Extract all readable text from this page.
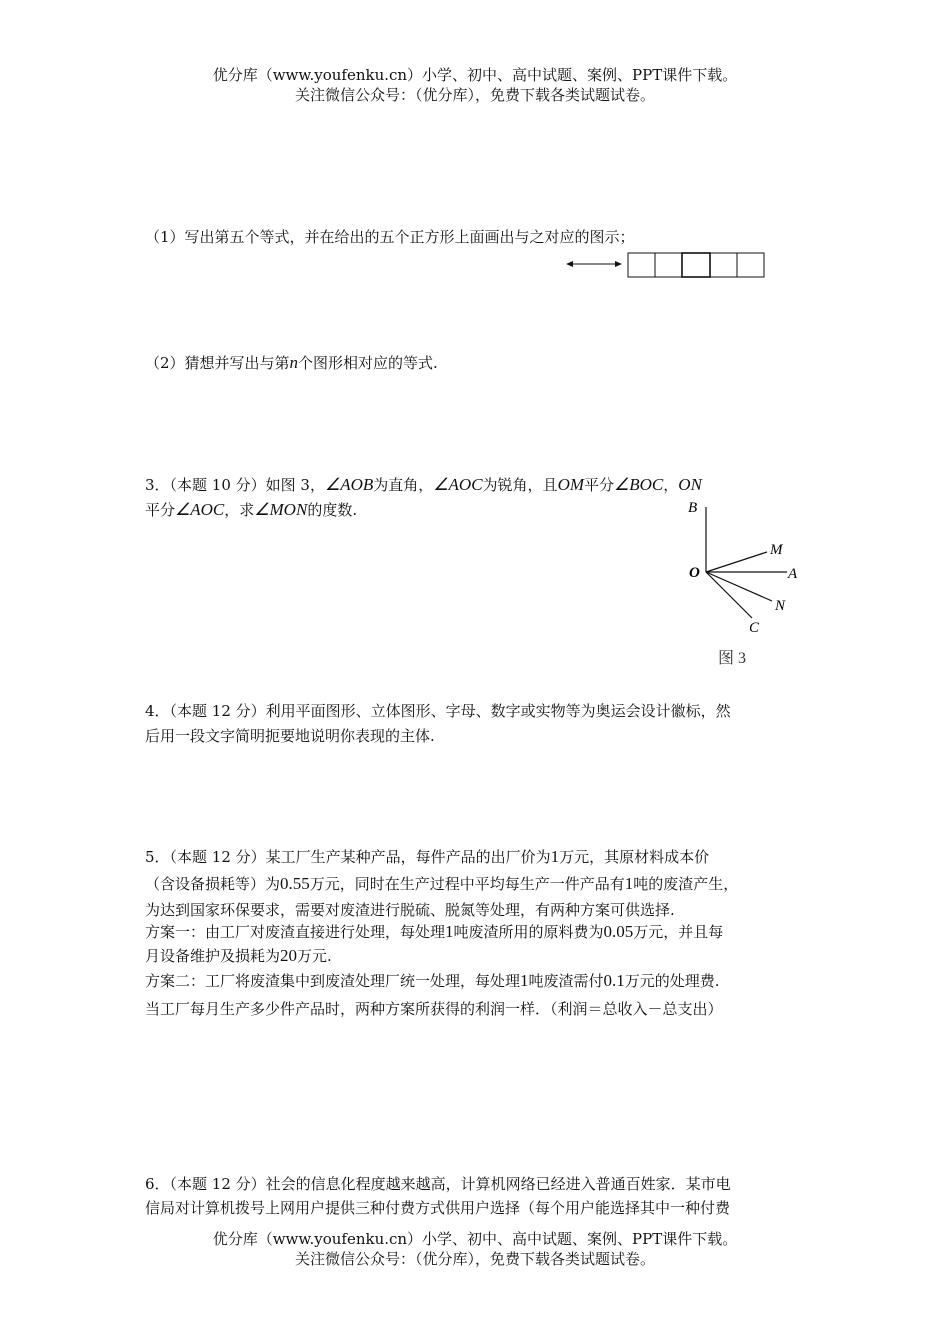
优分库（www.youfenku.cn）小学、初中、高中试题、案例、PPT课件下载。
关注微信公众号：（优分库），免费下载各类试题试卷。
（1）写出第五个等式，并在给出的五个正方形上面画出与之对应的图示；
（2）猜想并写出与第n个图形相对应的等式.
3．（本题 10 分）如图 3，∠AOB为直角，∠AOC为锐角，且OM平分∠BOC，ON
平分∠AOC，求∠MON的度数.	B
M
O	A
N
C
图 3
4．（本题 12 分）利用平面图形、立体图形、字母、数字或实物等为奥运会设计徽标，然
后用一段文字简明扼要地说明你表现的主体.
5．（本题 12 分）某工厂生产某种产品，每件产品的出厂价为1万元，其原材料成本价
（含设备损耗等）为0.55万元，同时在生产过程中平均每生产一件产品有1吨的废渣产生，
为达到国家环保要求，需要对废渣进行脱硫、脱氮等处理，有两种方案可供选择.
方案一：由工厂对废渣直接进行处理，每处理1吨废渣所用的原料费为0.05万元，并且每
月设备维护及损耗为20万元.
方案二：工厂将废渣集中到废渣处理厂统一处理，每处理1吨废渣需付0.1万元的处理费.
当工厂每月生产多少件产品时，两种方案所获得的利润一样．（利润＝总收入－总支出）
6．（本题 12 分）社会的信息化程度越来越高，计算机网络已经进入普通百姓家．某市电
信局对计算机拨号上网用户提供三种付费方式供用户选择（每个用户能选择其中一种付费
优分库（www.youfenku.cn）小学、初中、高中试题、案例、PPT课件下载。
关注微信公众号：（优分库），免费下载各类试题试卷。
